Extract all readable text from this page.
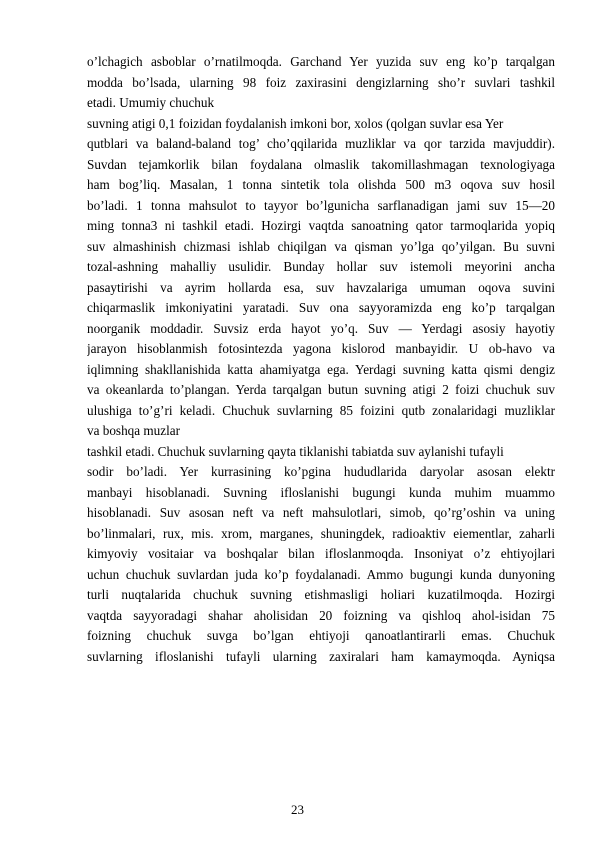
o’lchagich asboblar o’rnatilmoqda. Garchand Yer yuzida suv eng ko’p tarqalgan
modda bo’lsada, ularning 98 foiz zaxirasini dengizlarning sho’r suvlari tashkil
etadi. Umumiy chuchuk
suvning atigi 0,1 foizidan foydalanish imkoni bor, xolos (qolgan suvlar esa Yer
qutblari va baland-baland tog’ cho’qqilarida muzliklar va qor tarzida mavjuddir).
Suvdan tejamkorlik bilan foydalana olmaslik takomillashmagan texnologiyaga
ham bog’liq. Masalan, 1 tonna sintetik tola olishda 500 m3 oqova suv hosil
bo’ladi. 1 tonna mahsulot to tayyor bo’lgunicha sarflanadigan jami suv 15—20
ming tonna3 ni tashkil etadi. Hozirgi vaqtda sanoatning qator tarmoqlarida yopiq
suv almashinish chizmasi ishlab chiqilgan va qisman yo’lga qo’yilgan. Bu suvni
tozal-ashning mahalliy usulidir. Bunday hollar suv istemoli meyorini ancha
pasaytirishi va ayrim hollarda esa, suv havzalariga umuman oqova suvini
chiqarmaslik imkoniyatini yaratadi. Suv ona sayyoramizda eng ko’p tarqalgan
noorganik moddadir. Suvsiz erda hayot yo’q. Suv — Yerdagi asosiy hayotiy
jarayon hisoblanmish fotosintezda yagona kislorod manbayidir. U ob-havo va
iqlimning shakllanishida katta ahamiyatga ega. Yerdagi suvning katta qismi dengiz
va okeanlarda to’plangan. Yerda tarqalgan butun suvning atigi 2 foizi chuchuk suv
ulushiga to’g’ri keladi. Chuchuk suvlarning 85 foizini qutb zonalaridagi muzliklar
va boshqa muzlar
tashkil etadi. Chuchuk suvlarning qayta tiklanishi tabiatda suv aylanishi tufayli
sodir bo’ladi. Yer kurrasining ko’pgina hududlarida daryolar asosan elektr
manbayi hisoblanadi. Suvning ifloslanishi bugungi kunda muhim muammo
hisoblanadi. Suv asosan neft va neft mahsulotlari, simob, qo’rg’oshin va uning
bo’linmalari, rux, mis. xrom, marganes, shuningdek, radioaktiv eiementlar, zaharli
kimyoviy vositaiar va boshqalar bilan ifloslanmoqda. Insoniyat o’z ehtiyojlari
uchun chuchuk suvlardan juda ko’p foydalanadi. Ammo bugungi kunda dunyoning
turli nuqtalarida chuchuk suvning etishmasligi holiari kuzatilmoqda. Hozirgi
vaqtda sayyoradagi shahar aholisidan 20 foizning va qishloq ahol-isidan 75
foizning chuchuk suvga bo’lgan ehtiyoji qanoatlantirarli emas. Chuchuk
suvlarning ifloslanishi tufayli ularning zaxiralari ham kamaymoqda. Ayniqsa
23
